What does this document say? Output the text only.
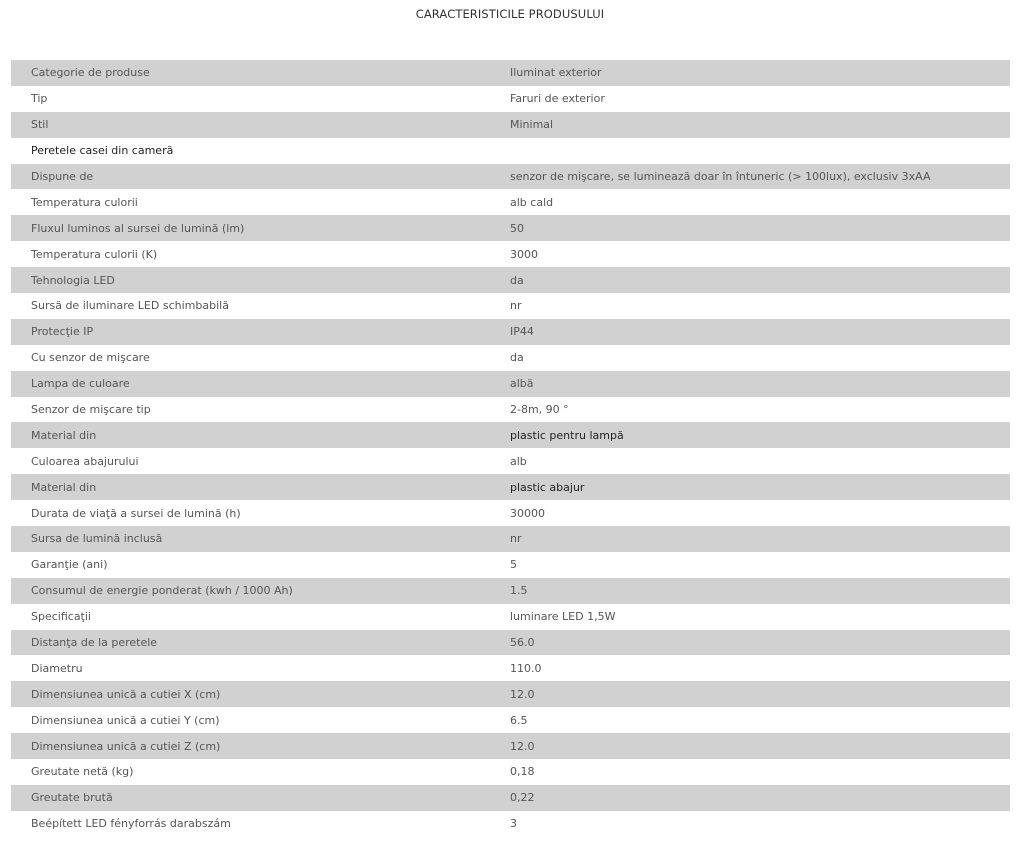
CARACTERISTICILE PRODUSULUI
Categorie de produse	Iluminat exterior
Tip	Faruri de exterior
Stil	Minimal
Peretele casei din cameră
Dispune de	senzor de mişcare, se luminează doar în întuneric (> 100lux), exclusiv 3xAA
Temperatura culorii	alb cald
Fluxul luminos al sursei de lumină (lm)	50
Temperatura culorii (K)	3000
Tehnologia LED	da
Sursă de iluminare LED schimbabilă	nr
Protecţie IP	IP44
Cu senzor de mişcare	da
Lampa de culoare	albă
Senzor de mişcare tip	2-8m, 90 °
Material din	plastic pentru lampă
Culoarea abajurului	alb
Material din	plastic abajur
Durata de viaţă a sursei de lumină (h)	30000
Sursa de lumină inclusă	nr
Garanţie (ani)	5
Consumul de energie ponderat (kwh / 1000 Ah)	1.5
Specificaţii	luminare LED 1,5W
Distanţa de la peretele	56.0
Diametru	110.0
Dimensiunea unică a cutiei X (cm)	12.0
Dimensiunea unică a cutiei Y (cm)	6.5
Dimensiunea unică a cutiei Z (cm)	12.0
Greutate netă (kg)	0,18
Greutate brută	0,22
Beépített LED fényforrás darabszám	3
